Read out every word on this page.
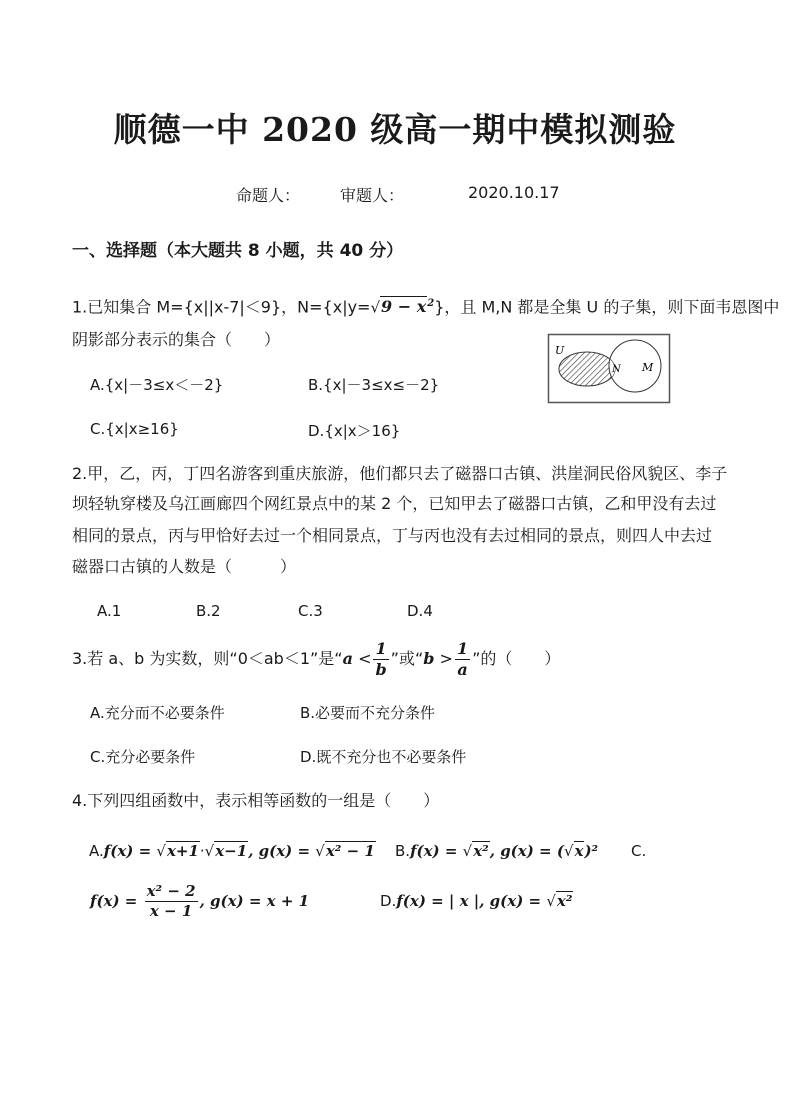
顺德一中 2020 级高一期中模拟测验
命题人： 审题人：	2020.10.17
一、选择题（本大题共 8 小题，共 40 分）
1.已知集合 M={x||x-7|＜9}，$N=\{x|y=√9 - x^2\}$，且 M,N 都是全集 U 的子集，则下面韦恩图中
阴影部分表示的集合（　　）
A.{x|－3≤x＜－2}	B.{x|－3≤x≤－2}
C.{x|x≥16}	D.{x|x＞16}
U
N M
2.甲，乙，丙，丁四名游客到重庆旅游，他们都只去了磁器口古镇、洪崖洞民俗风貌区、李子
坝轻轨穿楼及乌江画廊四个网红景点中的某 2 个，已知甲去了磁器口古镇，乙和甲没有去过
相同的景点，丙与甲恰好去过一个相同景点，丁与丙也没有去过相同的景点，则四人中去过
磁器口古镇的人数是（　　　）
A.1	B.2	C.3	D.4
3.若 a、b 为实数，则“0＜ab＜1”是“$a < \frac{1}{b}$ ”或“$b > \frac{1}{a}$ ”的（　　）
A.充分而不必要条件	B.必要而不充分条件
C.充分必要条件	D.既不充分也不必要条件
4.下列四组函数中，表示相等函数的一组是（　　）
A.f(x) = √x+1·√x−1, g(x) = √x² − 1 B.f(x) = √x², g(x) = (√x)² C.
$f(x) = \frac{\text{x² − 2}}{x - 1}$ , g(x) = x + 1	D.f(x) = | x |, g(x) = √x²
